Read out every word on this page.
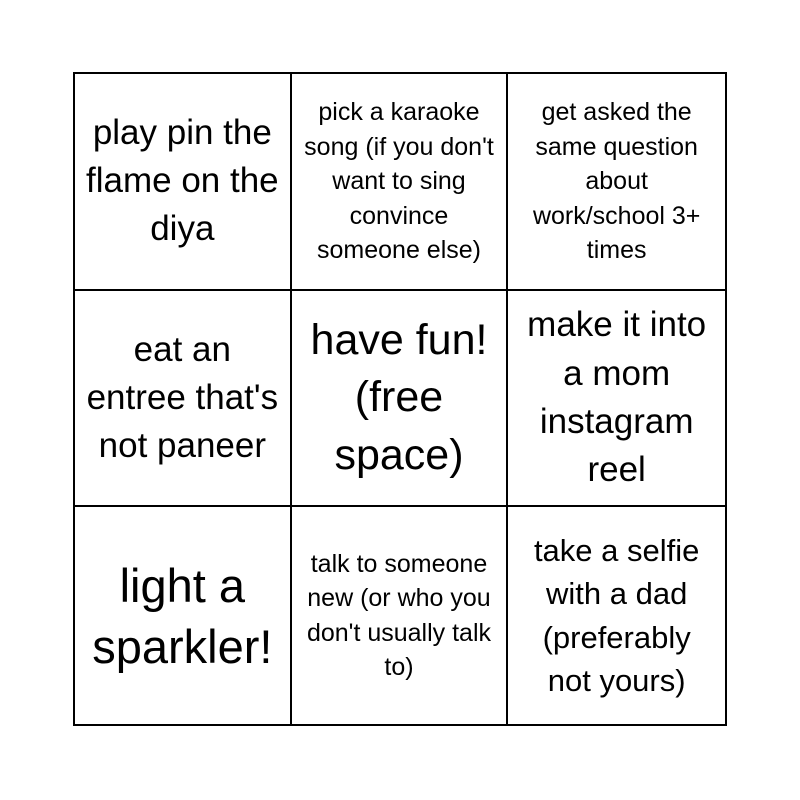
play pin the flame on the diya
pick a karaoke song (if you don't want to sing convince someone else)
get asked the same question about work/school 3+ times
eat an entree that's not paneer
have fun! (free space)
make it into a mom instagram reel
light a sparkler!
talk to someone new (or who you don't usually talk to)
take a selfie with a dad (preferably not yours)
